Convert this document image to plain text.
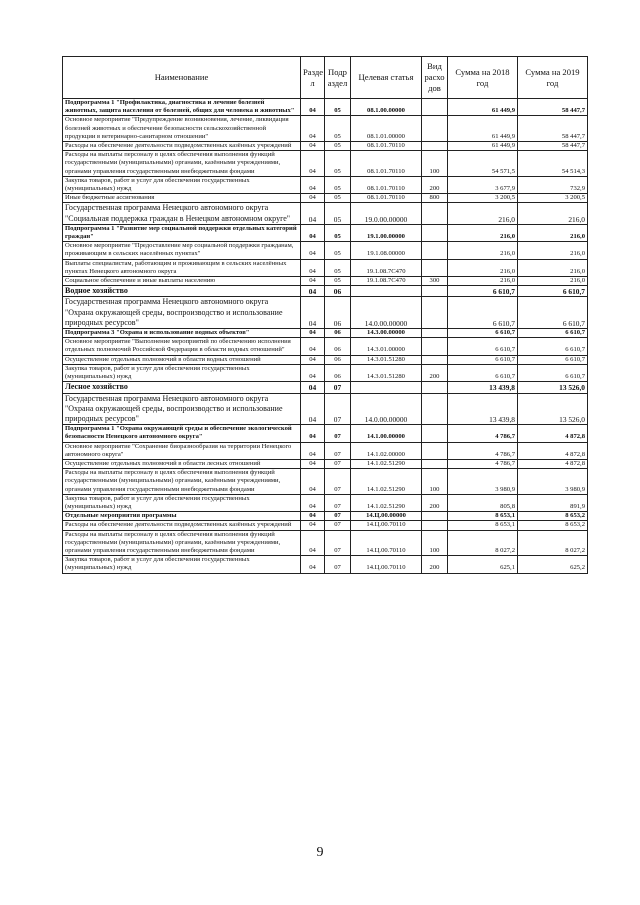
Наименование	Разде л	Подр аздел	Целевая статья	Вид расхо дов	Сумма на 2018 год	Сумма на 2019 год
Подпрограмма 1 "Профилактика, диагностика и лечение болезней животных, защита населения от болезней, общих для человека и животных"	04	05	08.1.00.00000		61 449,9	58 447,7
Основное мероприятие "Предупреждение возникновения, лечение, ликвидация болезней животных и обеспечение безопасности сельскохозяйственной продукции в ветеринарно-санитарном отношении"	04	05	08.1.01.00000		61 449,9	58 447,7
Расходы на обеспечение деятельности подведомственных казённых учреждений	04	05	08.1.01.70110		61 449,9	58 447,7
Расходы на выплаты персоналу в целях обеспечения выполнения функций государственными (муниципальными) органами, казёнными учреждениями, органами управления государственными внебюджетными фондами	04	05	08.1.01.70110	100	54 571,5	54 514,3
Закупка товаров, работ и услуг для обеспечения государственных (муниципальных) нужд	04	05	08.1.01.70110	200	3 677,9	732,9
Иные бюджетные ассигнования	04	05	08.1.01.70110	800	3 200,5	3 200,5
Государственная программа Ненецкого автономного округа "Социальная поддержка граждан в Ненецком автономном округе"	04	05	19.0.00.00000		216,0	216,0
Подпрограмма 1 "Развитие мер социальной поддержки отдельных категорий граждан"	04	05	19.1.00.00000		216,0	216,0
Основное мероприятие "Предоставление мер социальной поддержки гражданам, проживающим в сельских населённых пунктах"	04	05	19.1.08.00000		216,0	216,0
Выплаты специалистам, работающим и проживающим в сельских населённых пунктах Ненецкого автономного округа	04	05	19.1.08.7С470		216,0	216,0
Социальное обеспечение и иные выплаты населению	04	05	19.1.08.7С470	300	216,0	216,0
Водное хозяйство	04	06			6 610,7	6 610,7
Государственная программа Ненецкого автономного округа "Охрана окружающей среды, воспроизводство и использование природных ресурсов"	04	06	14.0.00.00000		6 610,7	6 610,7
Подпрограмма 3 "Охрана и использование водных объектов"	04	06	14.3.00.00000		6 610,7	6 610,7
Основное мероприятие "Выполнение мероприятий по обеспечению исполнения отдельных полномочий Российской Федерации в области водных отношений"	04	06	14.3.01.00000		6 610,7	6 610,7
Осуществление отдельных полномочий в области водных отношений	04	06	14.3.01.51280		6 610,7	6 610,7
Закупка товаров, работ и услуг для обеспечения государственных (муниципальных) нужд	04	06	14.3.01.51280	200	6 610,7	6 610,7
Лесное хозяйство	04	07			13 439,8	13 526,0
Государственная программа Ненецкого автономного округа "Охрана окружающей среды, воспроизводство и использование природных ресурсов"	04	07	14.0.00.00000		13 439,8	13 526,0
Подпрограмма 1 "Охрана окружающей среды и обеспечение экологической безопасности Ненецкого автономного округа"	04	07	14.1.00.00000		4 786,7	4 872,8
Основное мероприятие "Сохранение биоразнообразия на территории Ненецкого автономного округа"	04	07	14.1.02.00000		4 786,7	4 872,8
Осуществление отдельных полномочий в области лесных отношений	04	07	14.1.02.51290		4 786,7	4 872,8
Расходы на выплаты персоналу в целях обеспечения выполнения функций государственными (муниципальными) органами, казёнными учреждениями, органами управления государственными внебюджетными фондами	04	07	14.1.02.51290	100	3 980,9	3 980,9
Закупка товаров, работ и услуг для обеспечения государственных (муниципальных) нужд	04	07	14.1.02.51290	200	805,8	891,9
Отдельные мероприятия программы	04	07	14.Ц.00.00000		8 653,1	8 653,2
Расходы на обеспечение деятельности подведомственных казённых учреждений	04	07	14.Ц.00.70110		8 653,1	8 653,2
Расходы на выплаты персоналу в целях обеспечения выполнения функций государственными (муниципальными) органами, казёнными учреждениями, органами управления государственными внебюджетными фондами	04	07	14.Ц.00.70110	100	8 027,2	8 027,2
Закупка товаров, работ и услуг для обеспечения государственных (муниципальных) нужд	04	07	14.Ц.00.70110	200	625,1	625,2
9
